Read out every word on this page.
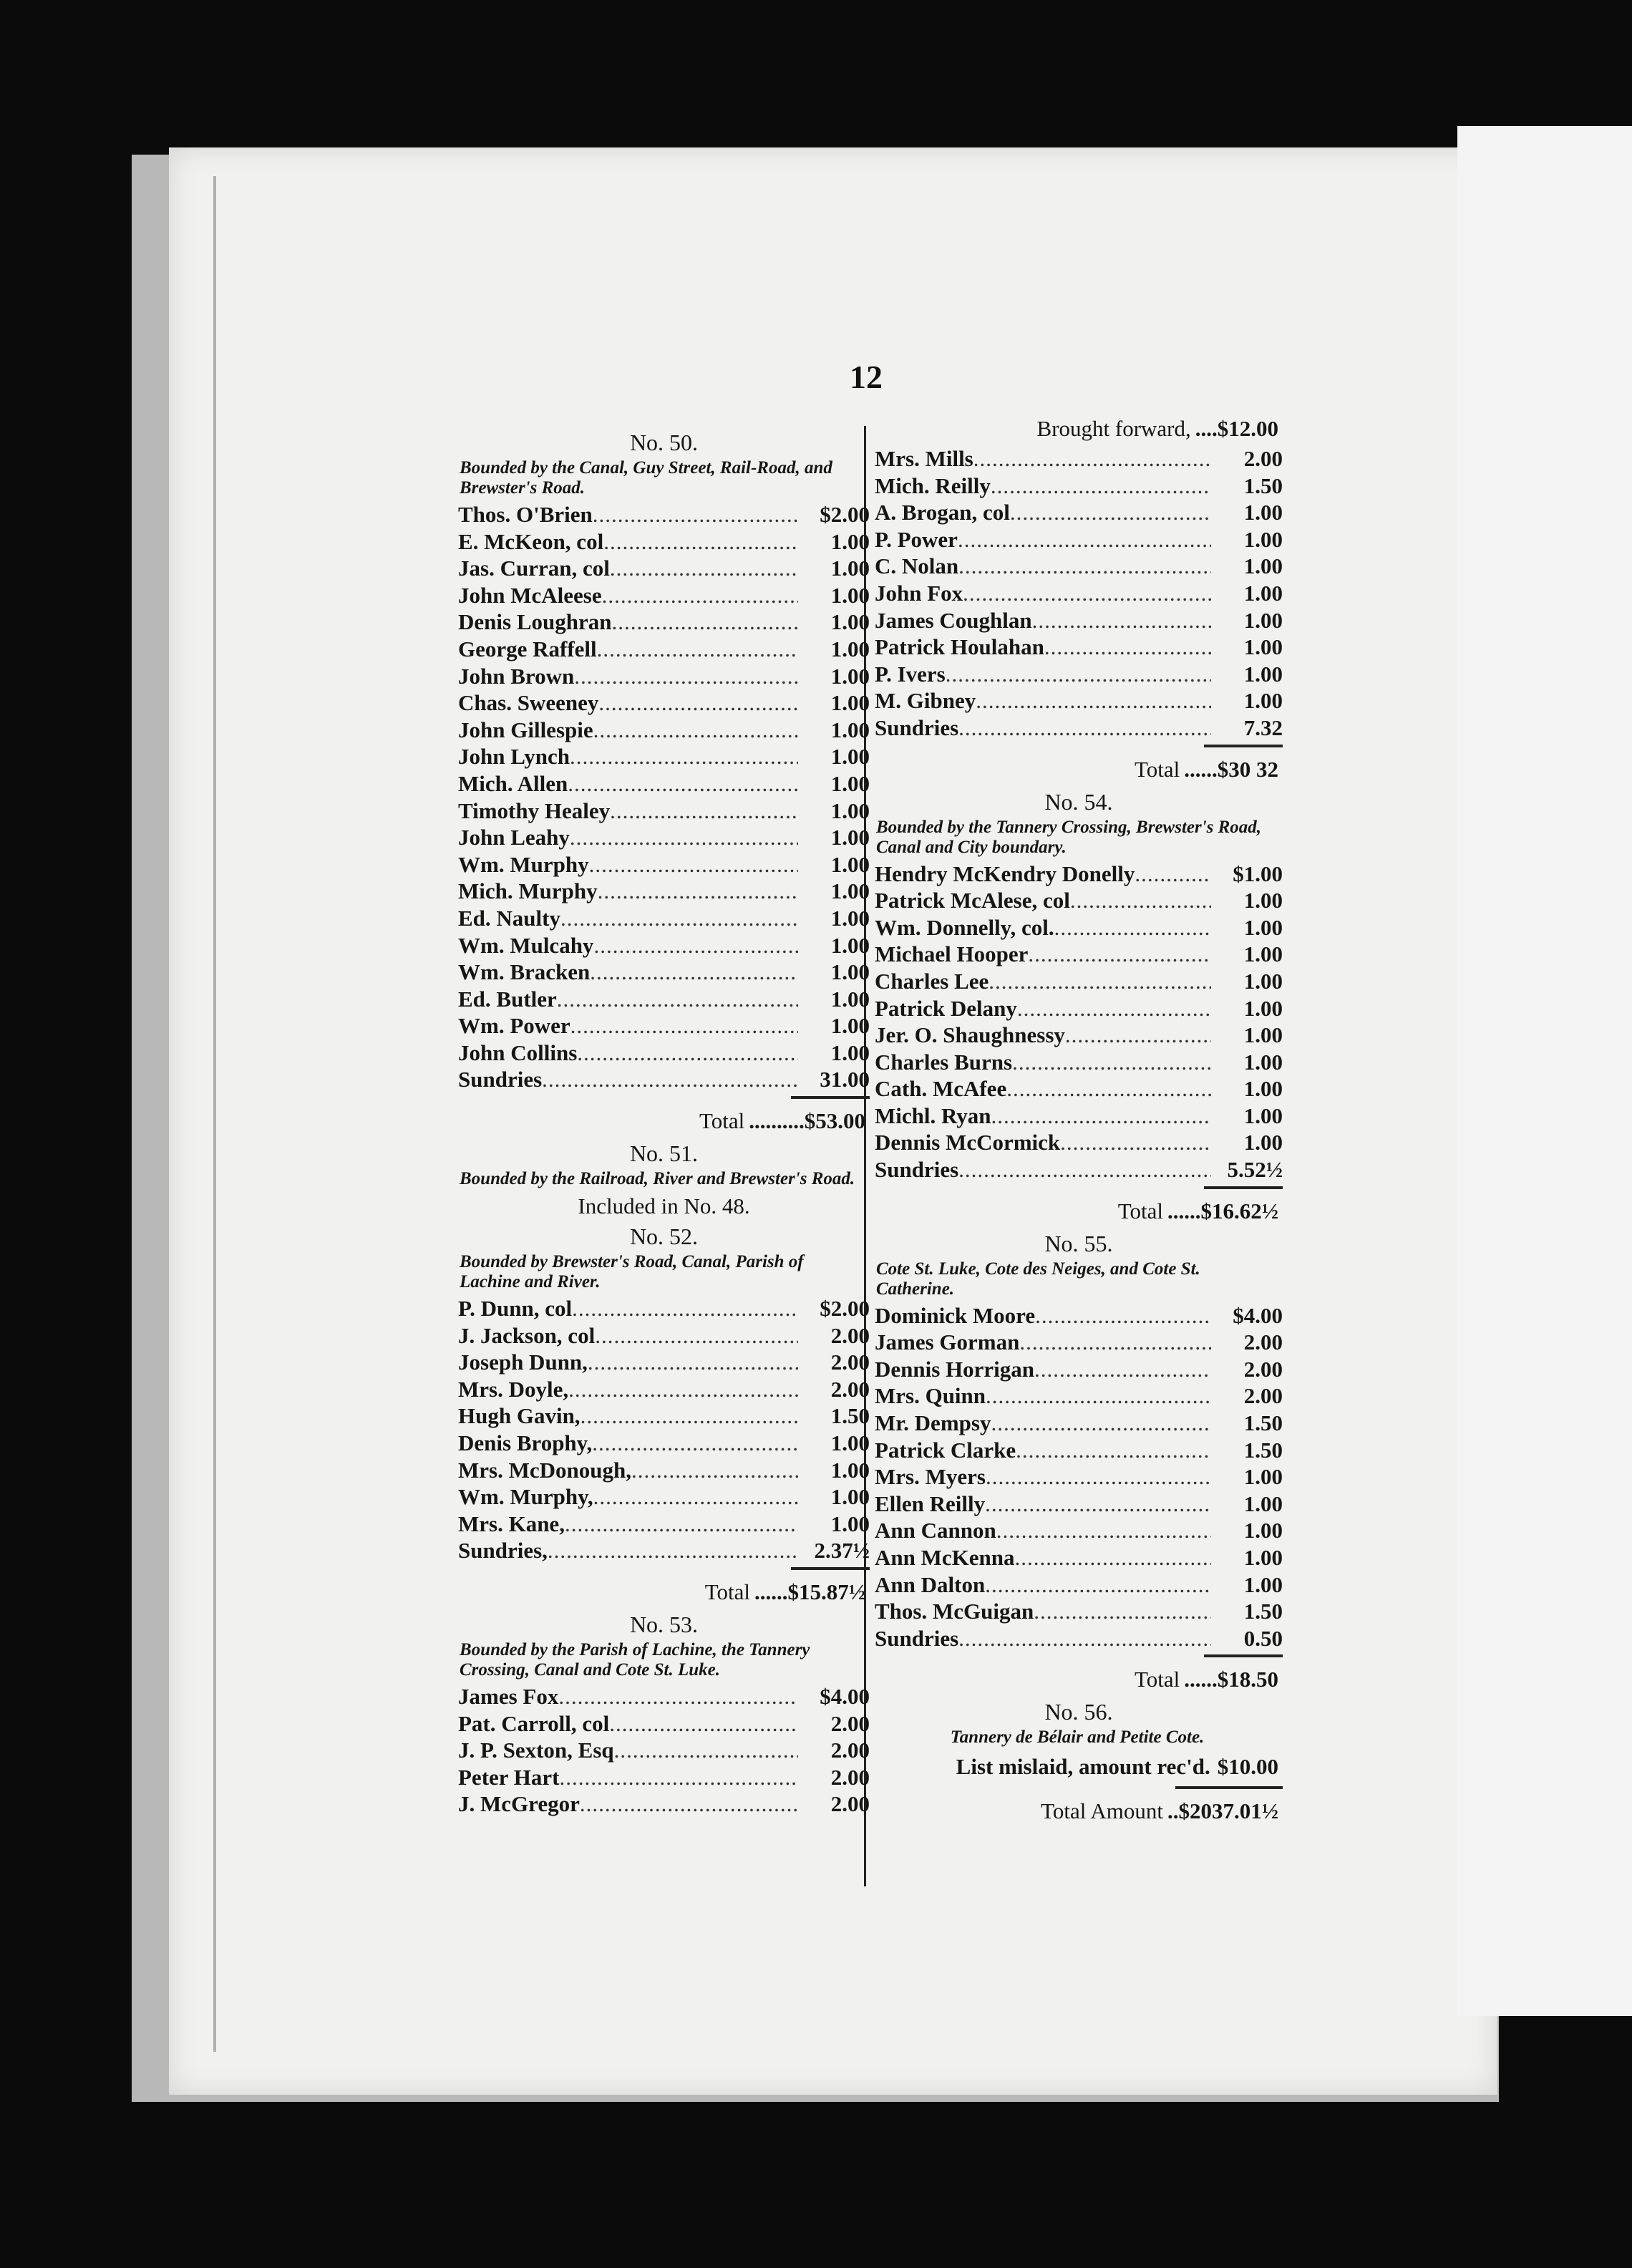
12
No. 50.
Bounded by the Canal, Guy Street, Rail-Road, and Brewster's Road.
Thos. O'Brien .....	$2.00
E. McKeon, col .....	1.00
Jas. Curran, col .....	1.00
John McAleese .....	1.00
Denis Loughran .....	1.00
George Raffell .....	1.00
John Brown .....	1.00
Chas. Sweeney .....	1.00
John Gillespie .....	1.00
John Lynch .....	1.00
Mich. Allen .....	1.00
Timothy Healey .....	1.00
John Leahy .....	1.00
Wm. Murphy .....	1.00
Mich. Murphy .....	1.00
Ed. Naulty .....	1.00
Wm. Mulcahy .....	1.00
Wm. Bracken .....	1.00
Ed. Butler .....	1.00
Wm. Power .....	1.00
John Collins .....	1.00
Sundries .....	31.00
Total .......... $53.00
No. 51.
Bounded by the Railroad, River and Brewster's Road.
Included in No. 48.
No. 52.
Bounded by Brewster's Road, Canal, Parish of Lachine and River.
P. Dunn, col .....	$2.00
J. Jackson, col .....	2.00
Joseph Dunn, .....	2.00
Mrs. Doyle, .....	2.00
Hugh Gavin, .....	1.50
Denis Brophy, .....	1.00
Mrs. McDonough, .....	1.00
Wm. Murphy, .....	1.00
Mrs. Kane, .....	1.00
Sundries, .....	2.37½
Total ...... $15.87½
No. 53.
Bounded by the Parish of Lachine, the Tannery Crossing, Canal and Cote St. Luke.
James Fox .....	$4.00
Pat. Carroll, col .....	2.00
J. P. Sexton, Esq .....	2.00
Peter Hart .....	2.00
J. McGregor .....	2.00
Brought forward, .... $12.00
Mrs. Mills .....	2.00
Mich. Reilly .....	1.50
A. Brogan, col .....	1.00
P. Power .....	1.00
C. Nolan .....	1.00
John Fox .....	1.00
James Coughlan .....	1.00
Patrick Houlahan .....	1.00
P. Ivers .....	1.00
M. Gibney .....	1.00
Sundries .....	7.32
Total ...... $30 32
No. 54.
Bounded by the Tannery Crossing, Brewster's Road, Canal and City boundary.
Hendry McKendry Donelly .....	$1.00
Patrick McAlese, col .....	1.00
Wm. Donnelly, col. .....	1.00
Michael Hooper .....	1.00
Charles Lee .....	1.00
Patrick Delany .....	1.00
Jer. O. Shaughnessy .....	1.00
Charles Burns .....	1.00
Cath. McAfee .....	1.00
Michl. Ryan .....	1.00
Dennis McCormick .....	1.00
Sundries .....	5.52½
Total ...... $16.62½
No. 55.
Cote St. Luke, Cote des Neiges, and Cote St. Catherine.
Dominick Moore .....	$4.00
James Gorman .....	2.00
Dennis Horrigan .....	2.00
Mrs. Quinn .....	2.00
Mr. Dempsy .....	1.50
Patrick Clarke .....	1.50
Mrs. Myers .....	1.00
Ellen Reilly .....	1.00
Ann Cannon .....	1.00
Ann McKenna .....	1.00
Ann Dalton .....	1.00
Thos. McGuigan .....	1.50
Sundries .....	0.50
Total ...... $18.50
No. 56.
Tannery de Bélair and Petite Cote.
List mislaid, amount rec'd. $10.00
Total Amount .. $2037.01½
